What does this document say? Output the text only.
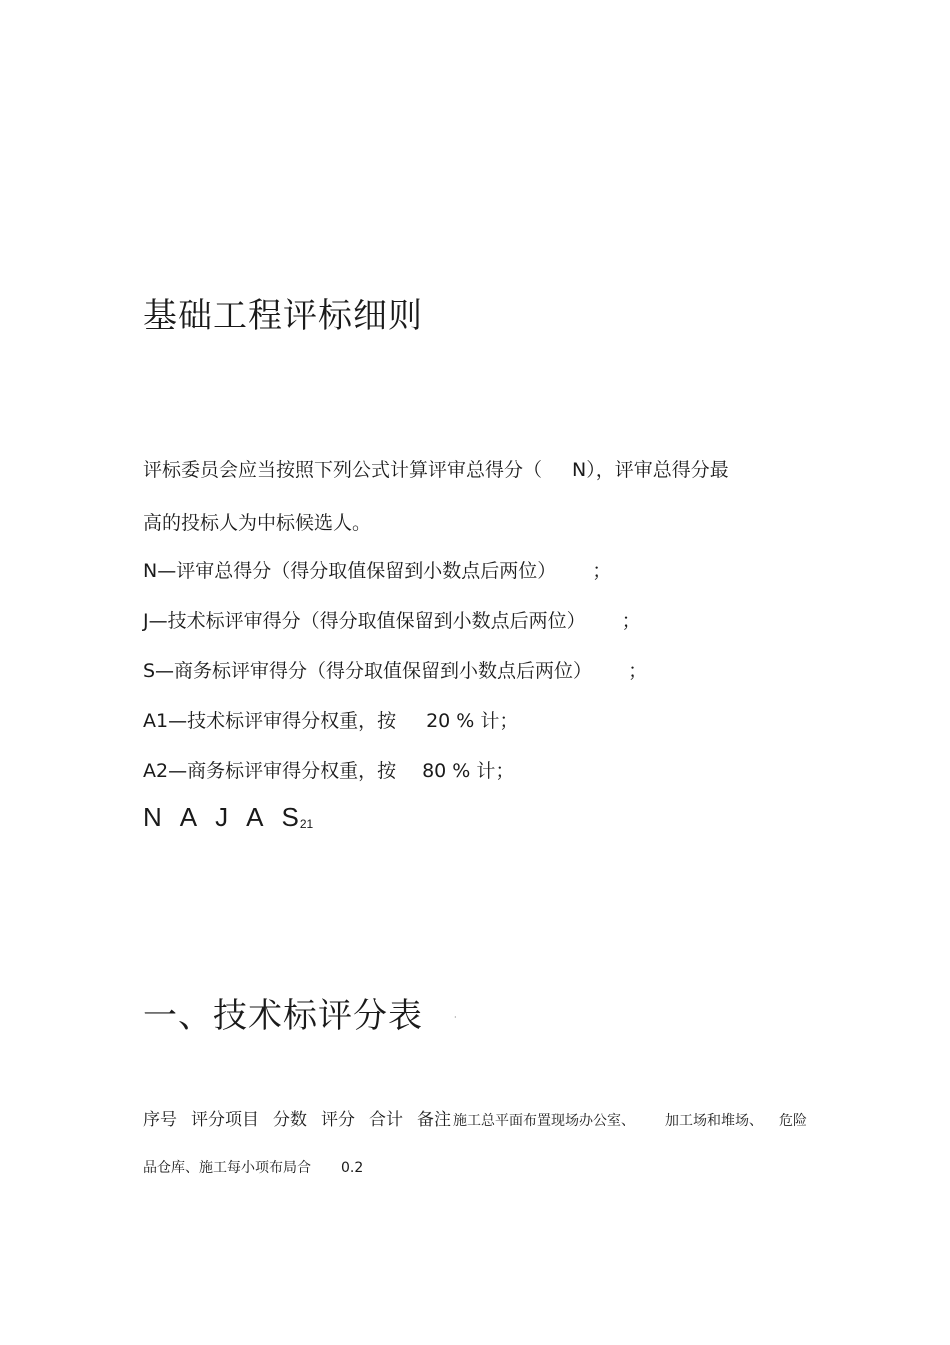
基础工程评标细则
评标委员会应当按照下列公式计算评审总得分（ N），评审总得分最
高的投标人为中标候选人。
N—评审总得分（得分取值保留到小数点后两位） ；
J—技术标评审得分（得分取值保留到小数点后两位） ；
S—商务标评审得分（得分取值保留到小数点后两位） ；
A1—技术标评审得分权重，按 20 % 计；
A2—商务标评审得分权重，按 80 % 计；
N A J A S21
一、技术标评分表	·
序号 评分项目 分数 评分 合计 备注 施工总平面布置现场办公室、 加工场和堆场、 危险
品仓库、施工每小项布局合 0.2
